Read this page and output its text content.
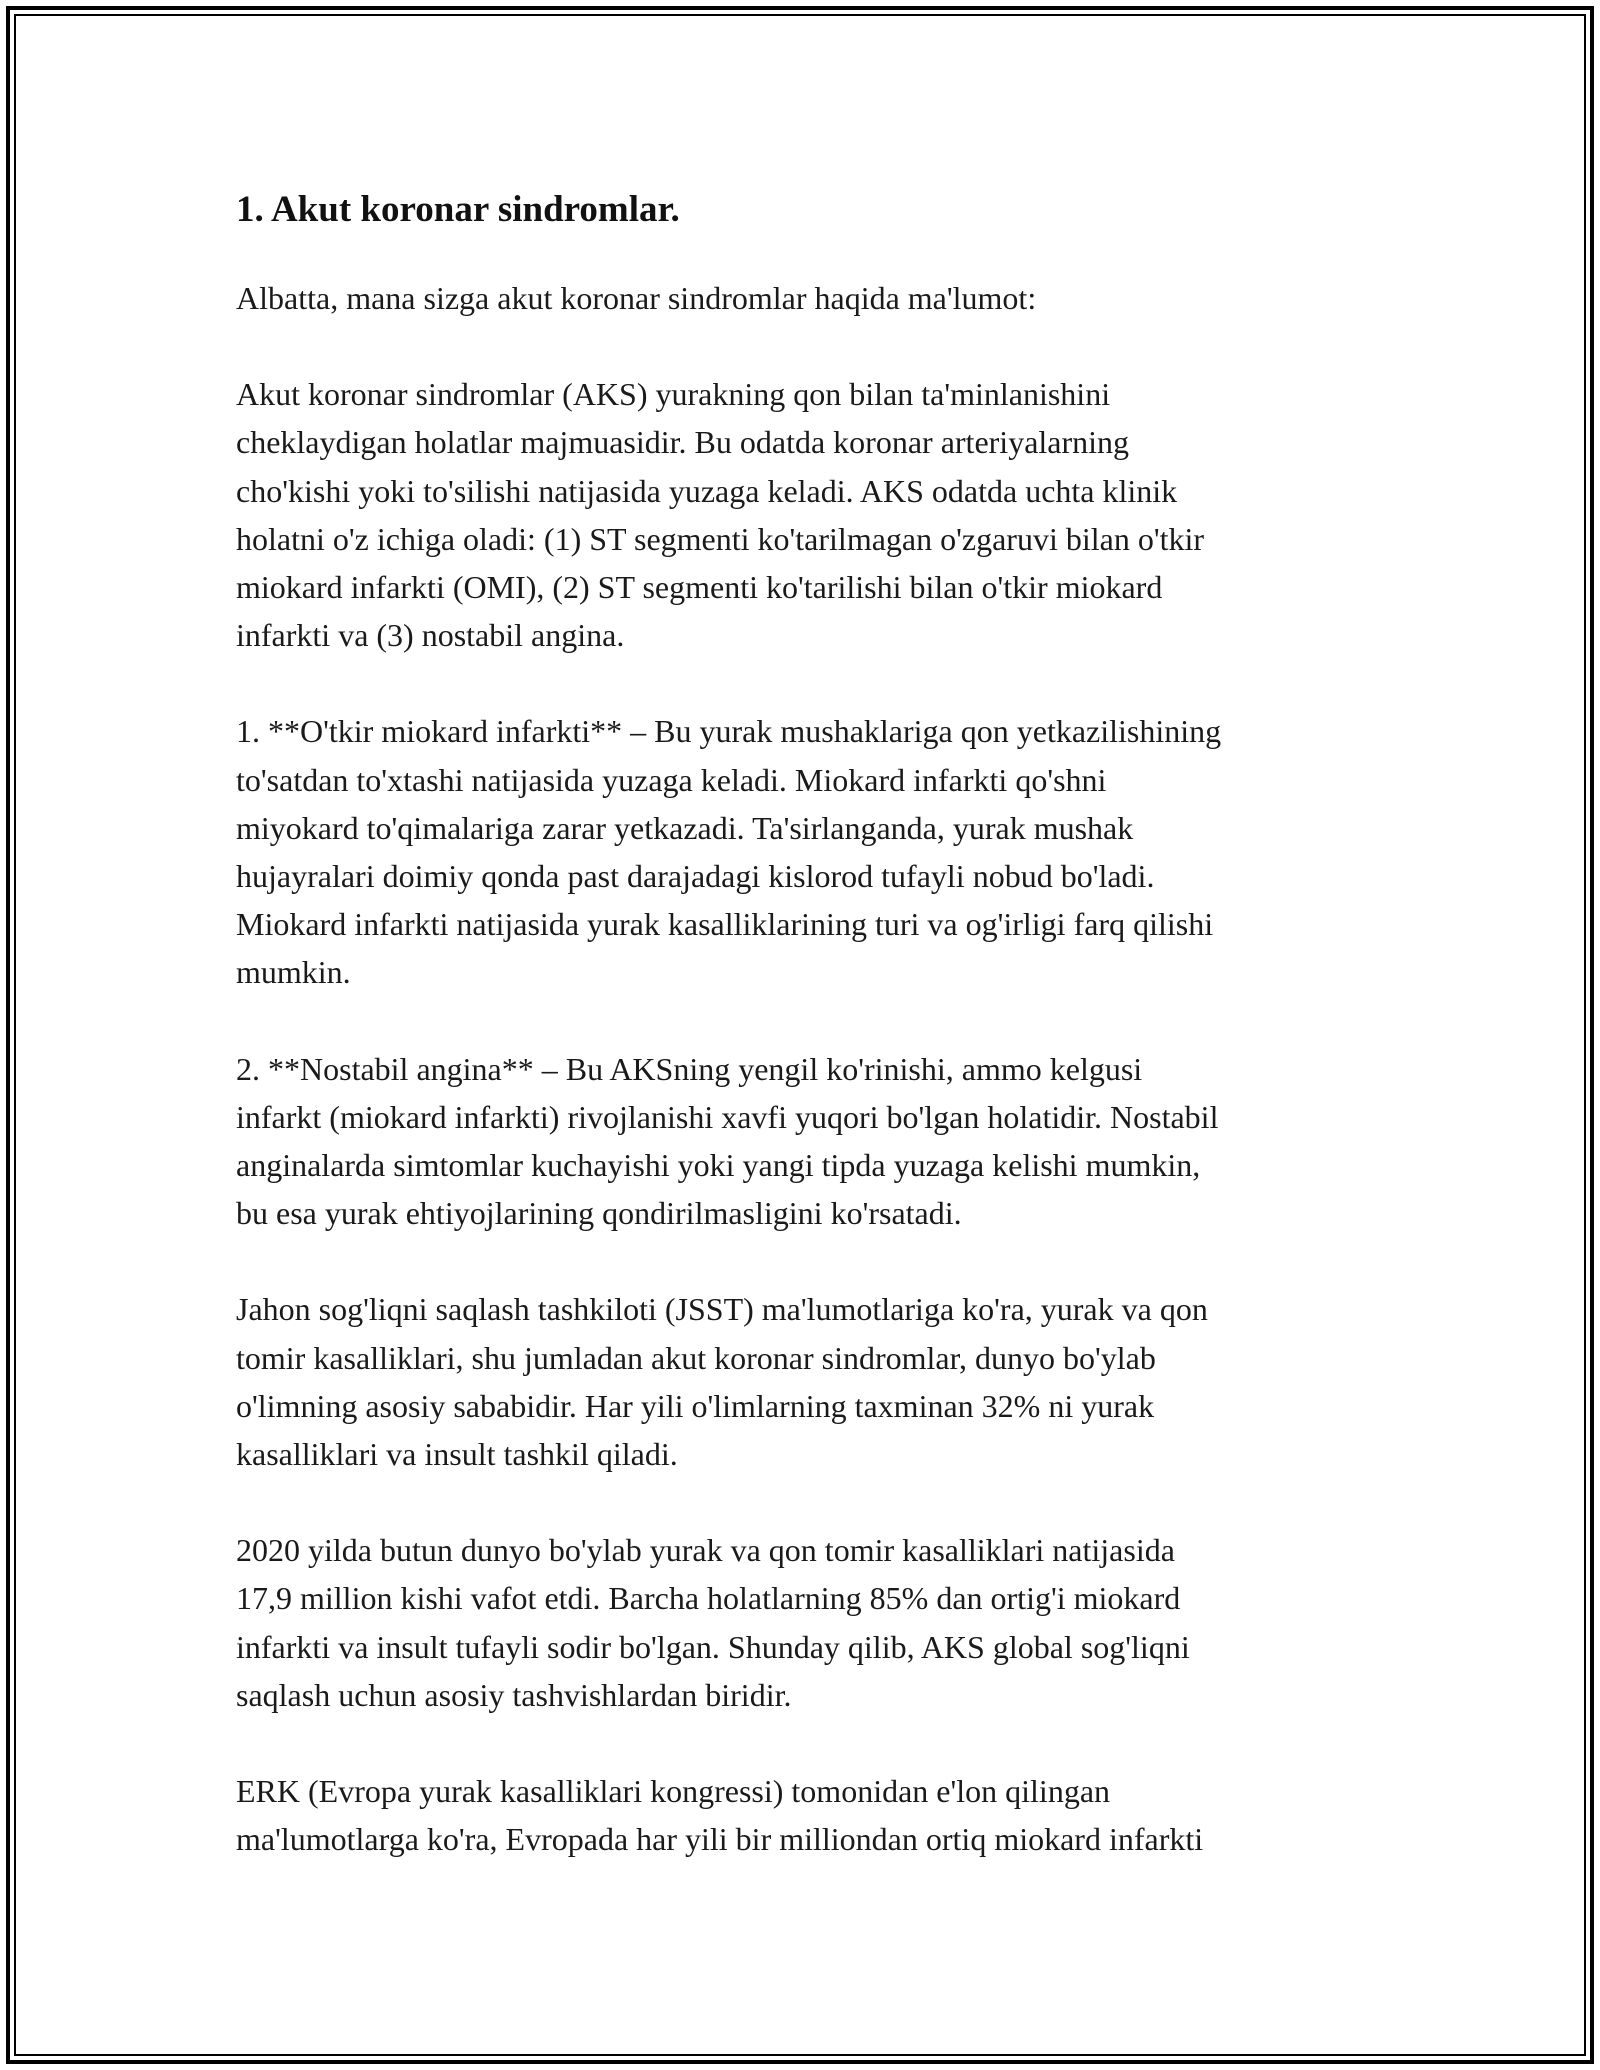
1. Akut koronar sindromlar.

Albatta, mana sizga akut koronar sindromlar haqida ma'lumot:

Akut koronar sindromlar (AKS) yurakning qon bilan ta'minlanishini
cheklaydigan holatlar majmuasidir. Bu odatda koronar arteriyalarning
cho'kishi yoki to'silishi natijasida yuzaga keladi. AKS odatda uchta klinik
holatni o'z ichiga oladi: (1) ST segmenti ko'tarilmagan o'zgaruvi bilan o'tkir
miokard infarkti (OMI), (2) ST segmenti ko'tarilishi bilan o'tkir miokard
infarkti va (3) nostabil angina.

1. **O'tkir miokard infarkti** – Bu yurak mushaklariga qon yetkazilishining
to'satdan to'xtashi natijasida yuzaga keladi. Miokard infarkti qo'shni
miyokard to'qimalariga zarar yetkazadi. Ta'sirlanganda, yurak mushak
hujayralari doimiy qonda past darajadagi kislorod tufayli nobud bo'ladi.
Miokard infarkti natijasida yurak kasalliklarining turi va og'irligi farq qilishi
mumkin.

2. **Nostabil angina** – Bu AKSning yengil ko'rinishi, ammo kelgusi
infarkt (miokard infarkti) rivojlanishi xavfi yuqori bo'lgan holatidir. Nostabil
anginalarda simtomlar kuchayishi yoki yangi tipda yuzaga kelishi mumkin,
bu esa yurak ehtiyojlarining qondirilmasligini ko'rsatadi.

Jahon sog'liqni saqlash tashkiloti (JSST) ma'lumotlariga ko'ra, yurak va qon
tomir kasalliklari, shu jumladan akut koronar sindromlar, dunyo bo'ylab
o'limning asosiy sababidir. Har yili o'limlarning taxminan 32% ni yurak
kasalliklari va insult tashkil qiladi.

2020 yilda butun dunyo bo'ylab yurak va qon tomir kasalliklari natijasida
17,9 million kishi vafot etdi. Barcha holatlarning 85% dan ortig'i miokard
infarkti va insult tufayli sodir bo'lgan. Shunday qilib, AKS global sog'liqni
saqlash uchun asosiy tashvishlardan biridir.

ERK (Evropa yurak kasalliklari kongressi) tomonidan e'lon qilingan
ma'lumotlarga ko'ra, Evropada har yili bir milliondan ortiq miokard infarkti
